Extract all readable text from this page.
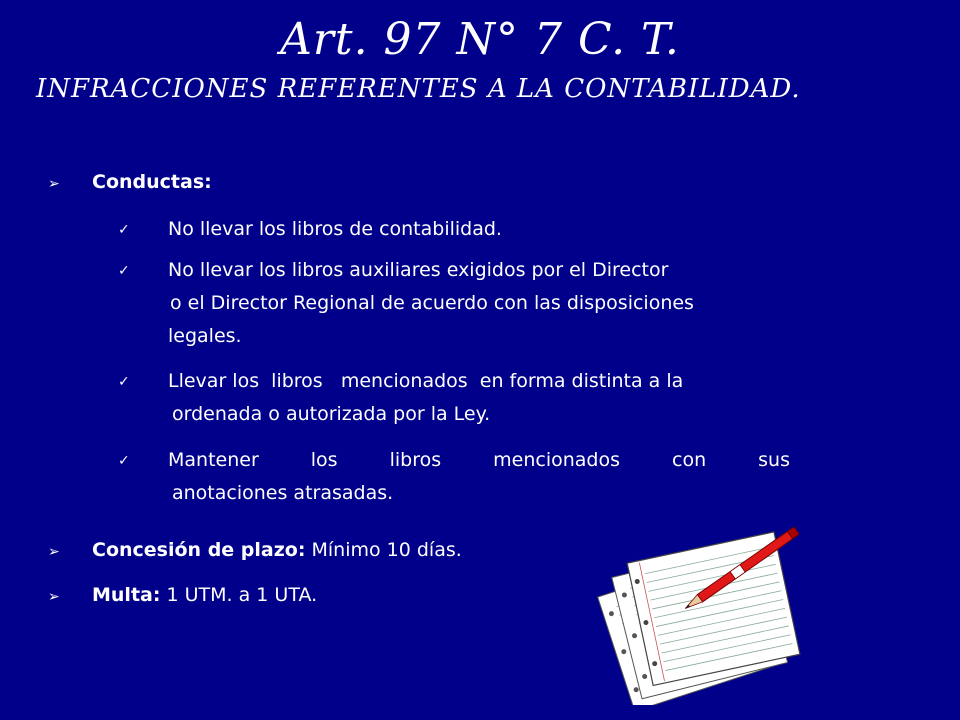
Art. 97 N° 7 C. T.
INFRACCIONES REFERENTES A LA CONTABILIDAD.
➢ Conductas:
✓ No llevar los libros de contabilidad.
✓ No llevar los libros auxiliares exigidos por el Director
o el Director Regional de acuerdo con las disposiciones
legales.
✓ Llevar los  libros   mencionados  en forma distinta a la
ordenada o autorizada por la Ley.
✓ Mantener los libros mencionados con sus
anotaciones atrasadas.
➢ Concesión de plazo: Mínimo 10 días.
➢ Multa: 1 UTM. a 1 UTA.
